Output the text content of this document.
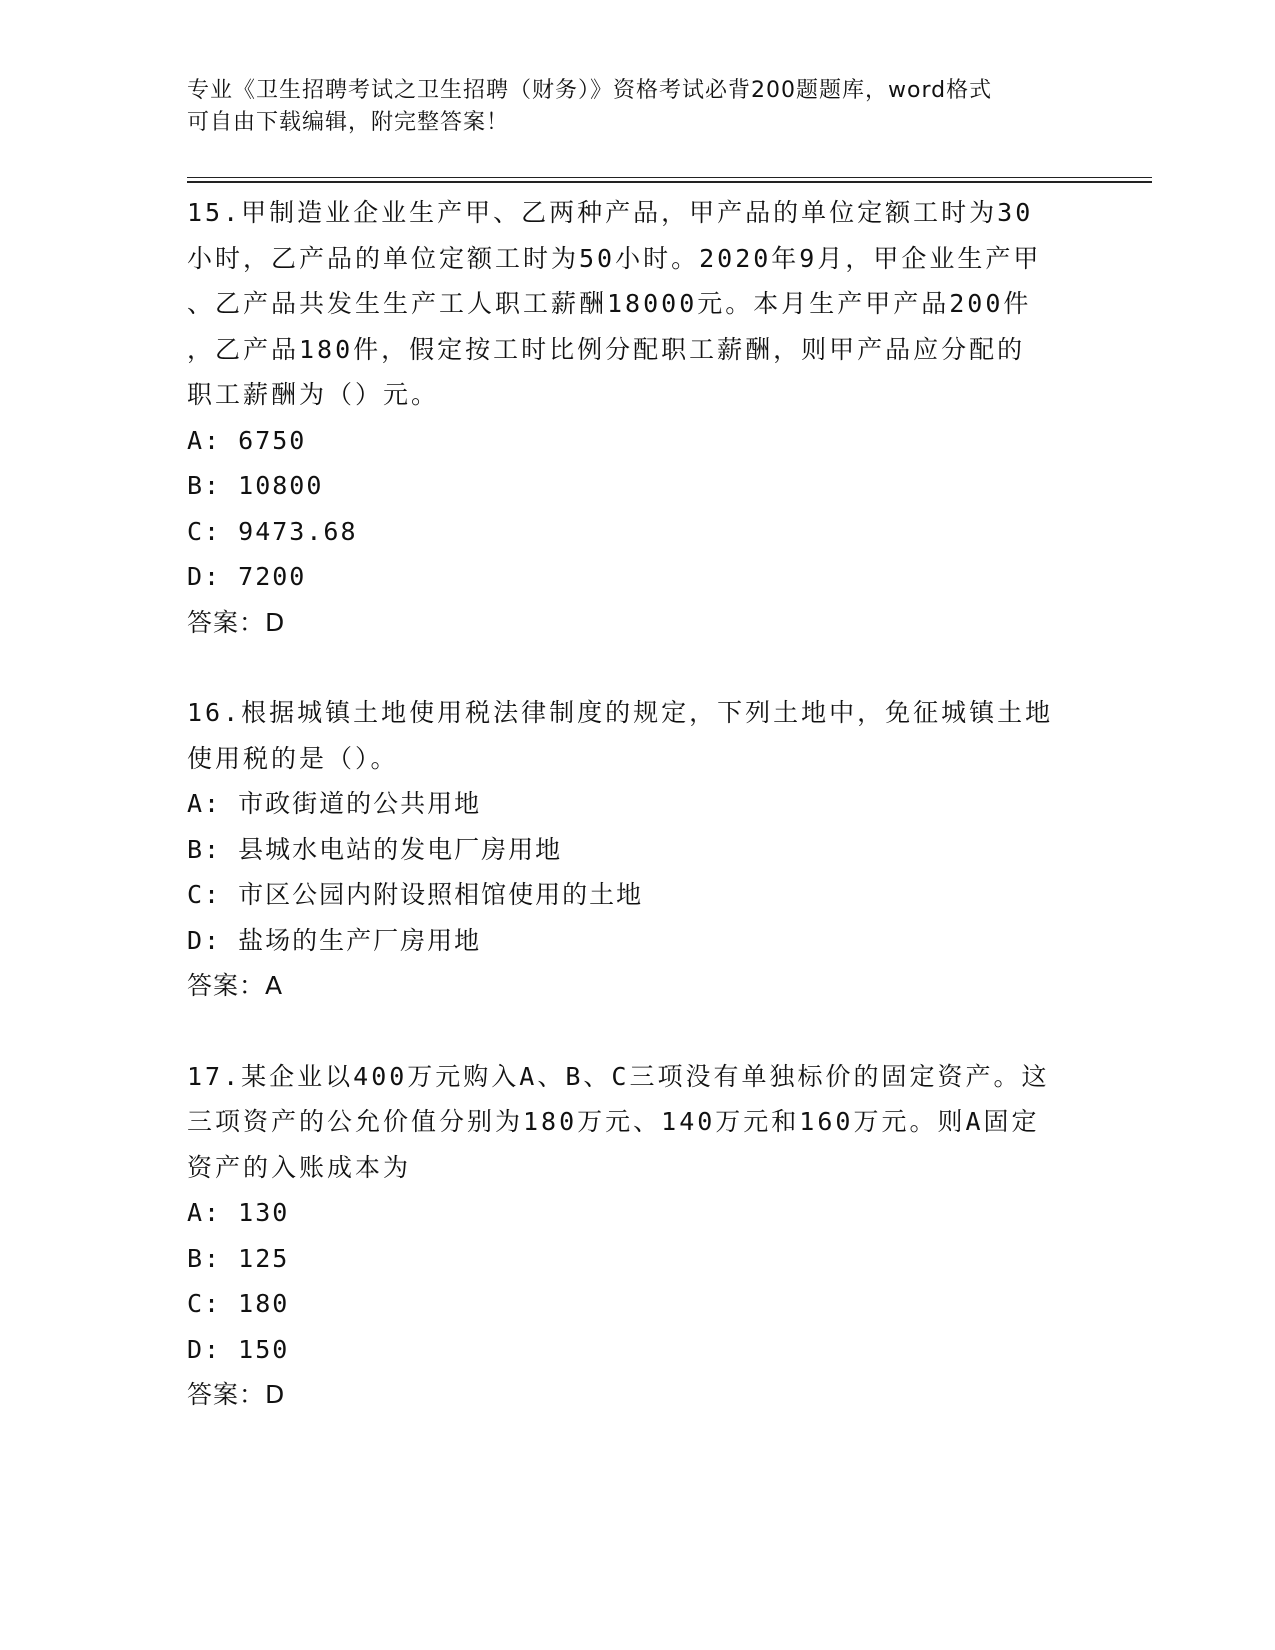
专业《卫生招聘考试之卫生招聘（财务）》资格考试必背200题题库，word格式
可自由下载编辑，附完整答案！
15.甲制造业企业生产甲、乙两种产品，甲产品的单位定额工时为30
小时，乙产品的单位定额工时为50小时。2020年9月，甲企业生产甲
、乙产品共发生生产工人职工薪酬18000元。本月生产甲产品200件
，乙产品180件，假定按工时比例分配职工薪酬，则甲产品应分配的
职工薪酬为（）元。
A: 6750
B: 10800
C: 9473.68
D: 7200
答案：D
16.根据城镇土地使用税法律制度的规定，下列土地中，免征城镇土地
使用税的是（）。
A: 市政街道的公共用地
B: 县城水电站的发电厂房用地
C: 市区公园内附设照相馆使用的土地
D: 盐场的生产厂房用地
答案：A
17.某企业以400万元购入A、B、C三项没有单独标价的固定资产。这
三项资产的公允价值分别为180万元、140万元和160万元。则A固定
资产的入账成本为
A: 130
B: 125
C: 180
D: 150
答案：D
